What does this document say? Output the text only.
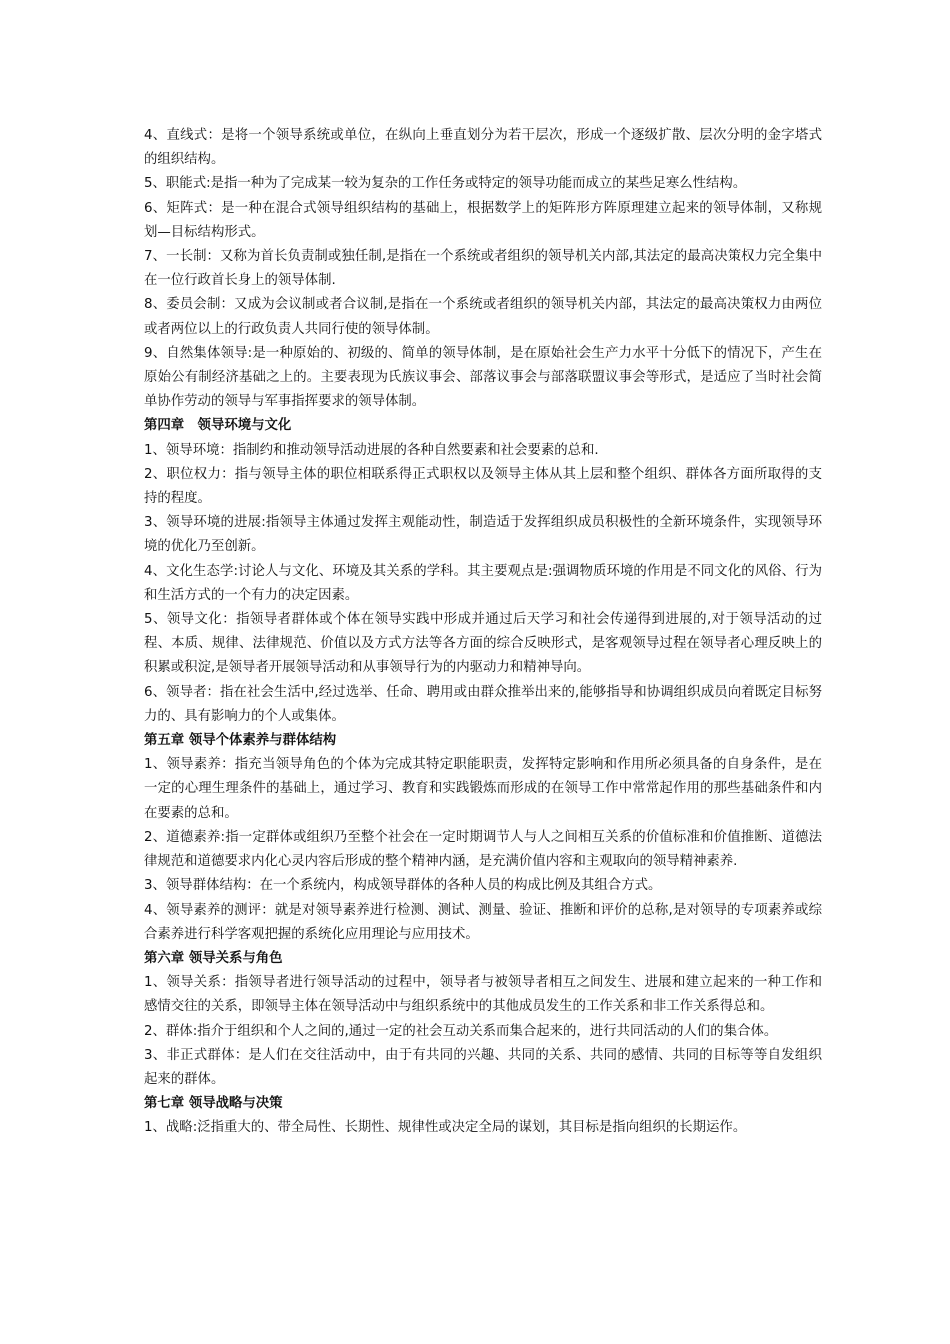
4、直线式：是将一个领导系统或单位，在纵向上垂直划分为若干层次，形成一个逐级扩散、层次分明的金字塔式的组织结构。

5、职能式:是指一种为了完成某一较为复杂的工作任务或特定的领导功能而成立的某些足寒么性结构。

6、矩阵式：是一种在混合式领导组织结构的基础上，根据数学上的矩阵形方阵原理建立起来的领导体制，又称规划—目标结构形式。

7、一长制：又称为首长负责制或独任制,是指在一个系统或者组织的领导机关内部,其法定的最高决策权力完全集中在一位行政首长身上的领导体制.

8、委员会制：又成为会议制或者合议制,是指在一个系统或者组织的领导机关内部，其法定的最高决策权力由两位或者两位以上的行政负责人共同行使的领导体制。

9、自然集体领导:是一种原始的、初级的、简单的领导体制，是在原始社会生产力水平十分低下的情况下，产生在原始公有制经济基础之上的。主要表现为氏族议事会、部落议事会与部落联盟议事会等形式，是适应了当时社会简单协作劳动的领导与军事指挥要求的领导体制。

第四章　领导环境与文化

1、领导环境：指制约和推动领导活动进展的各种自然要素和社会要素的总和.

2、职位权力：指与领导主体的职位相联系得正式职权以及领导主体从其上层和整个组织、群体各方面所取得的支持的程度。

3、领导环境的进展:指领导主体通过发挥主观能动性，制造适于发挥组织成员积极性的全新环境条件，实现领导环境的优化乃至创新。

4、文化生态学:讨论人与文化、环境及其关系的学科。其主要观点是:强调物质环境的作用是不同文化的风俗、行为和生活方式的一个有力的决定因素。

5、领导文化：指领导者群体或个体在领导实践中形成并通过后天学习和社会传递得到进展的,对于领导活动的过程、本质、规律、法律规范、价值以及方式方法等各方面的综合反映形式，是客观领导过程在领导者心理反映上的积累或积淀,是领导者开展领导活动和从事领导行为的内驱动力和精神导向。

6、领导者：指在社会生活中,经过选举、任命、聘用或由群众推举出来的,能够指导和协调组织成员向着既定目标努力的、具有影响力的个人或集体。

第五章 领导个体素养与群体结构

1、领导素养：指充当领导角色的个体为完成其特定职能职责，发挥特定影响和作用所必须具备的自身条件，是在一定的心理生理条件的基础上，通过学习、教育和实践锻炼而形成的在领导工作中常常起作用的那些基础条件和内在要素的总和。

2、道德素养:指一定群体或组织乃至整个社会在一定时期调节人与人之间相互关系的价值标准和价值推断、道德法律规范和道德要求内化心灵内容后形成的整个精神内涵，是充满价值内容和主观取向的领导精神素养.

3、领导群体结构：在一个系统内，构成领导群体的各种人员的构成比例及其组合方式。

4、领导素养的测评：就是对领导素养进行检测、测试、测量、验证、推断和评价的总称,是对领导的专项素养或综合素养进行科学客观把握的系统化应用理论与应用技术。

第六章 领导关系与角色

1、领导关系：指领导者进行领导活动的过程中，领导者与被领导者相互之间发生、进展和建立起来的一种工作和感情交往的关系，即领导主体在领导活动中与组织系统中的其他成员发生的工作关系和非工作关系得总和。

2、群体:指介于组织和个人之间的,通过一定的社会互动关系而集合起来的，进行共同活动的人们的集合体。

3、非正式群体：是人们在交往活动中，由于有共同的兴趣、共同的关系、共同的感情、共同的目标等等自发组织起来的群体。

第七章 领导战略与决策

1、战略:泛指重大的、带全局性、长期性、规律性或决定全局的谋划，其目标是指向组织的长期运作。
